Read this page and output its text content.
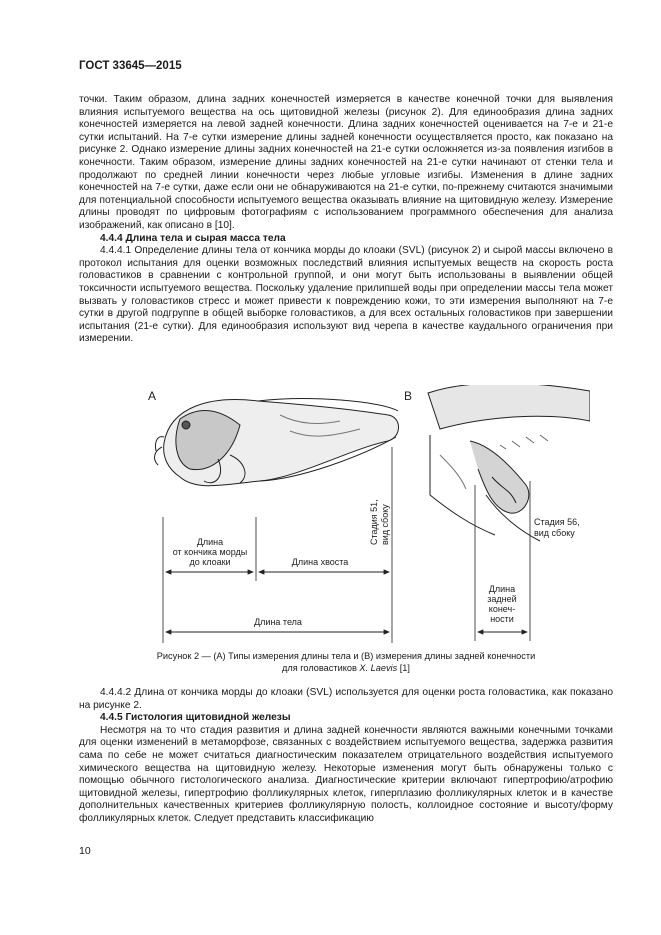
ГОСТ 33645—2015

точки. Таким образом, длина задних конечностей измеряется в качестве конечной точки для выявления влияния испытуемого вещества на ось щитовидной железы (рисунок 2). Для единообразия длина задних конечностей измеряется на левой задней конечности. Длина задних конечностей оценивается на 7-е и 21-е сутки испытаний. На 7-е сутки измерение длины задней конечности осуществляется просто, как показано на рисунке 2. Однако измерение длины задних конечностей на 21-е сутки осложняется из-за появления изгибов в конечности. Таким образом, измерение длины задних конечностей на 21-е сутки начинают от стенки тела и продолжают по средней линии конечности через любые угловые изгибы. Изменения в длине задних конечностей на 7-е сутки, даже если они не обнаруживаются на 21-е сутки, по-прежнему считаются значимыми для потенциальной способности испытуемого вещества оказывать влияние на щитовидную железу. Измерение длины проводят по цифровым фотографиям с использованием программного обеспечения для анализа изображений, как описано в [10].

4.4.4 Длина тела и сырая масса тела

4.4.4.1 Определение длины тела от кончика морды до клоаки (SVL) (рисунок 2) и сырой массы включено в протокол испытания для оценки возможных последствий влияния испытуемых веществ на скорость роста головастиков в сравнении с контрольной группой, и они могут быть использованы в выявлении общей токсичности испытуемого вещества. Поскольку удаление прилипшей воды при определении массы тела может вызвать у головастиков стресс и может привести к повреждению кожи, то эти измерения выполняют на 7-е сутки в другой подгруппе в общей выборке головастиков, а для всех остальных головастиков при завершении испытания (21-е сутки). Для единообразия используют вид черепа в качестве каудального ограничения при измерении.

A	B
Длина
от кончика морды
до клоаки	Длина хвоста
Длина тела
Длина
задней
конеч-
ности
Стадия 56,
вид сбоку
Стадия 51, вид сбоку
Рисунок 2 — (А) Типы измерения длины тела и (В) измерения длины задней конечности
для головастиков X. Laevis [1]

4.4.4.2 Длина от кончика морды до клоаки (SVL) используется для оценки роста головастика, как показано на рисунке 2.

4.4.5 Гистология щитовидной железы

Несмотря на то что стадия развития и длина задней конечности являются важными конечными точками для оценки изменений в метаморфозе, связанных с воздействием испытуемого вещества, задержка развития сама по себе не может считаться диагностическим показателем отрицательного воздействия испытуемого химического вещества на щитовидную железу. Некоторые изменения могут быть обнаружены только с помощью обычного гистологического анализа. Диагностические критерии включают гипертрофию/атрофию щитовидной железы, гипертрофию фолликулярных клеток, гиперплазию фолликулярных клеток и в качестве дополнительных качественных критериев фолликулярную полость, коллоидное состояние и высоту/форму фолликулярных клеток. Следует представить классификацию

10
